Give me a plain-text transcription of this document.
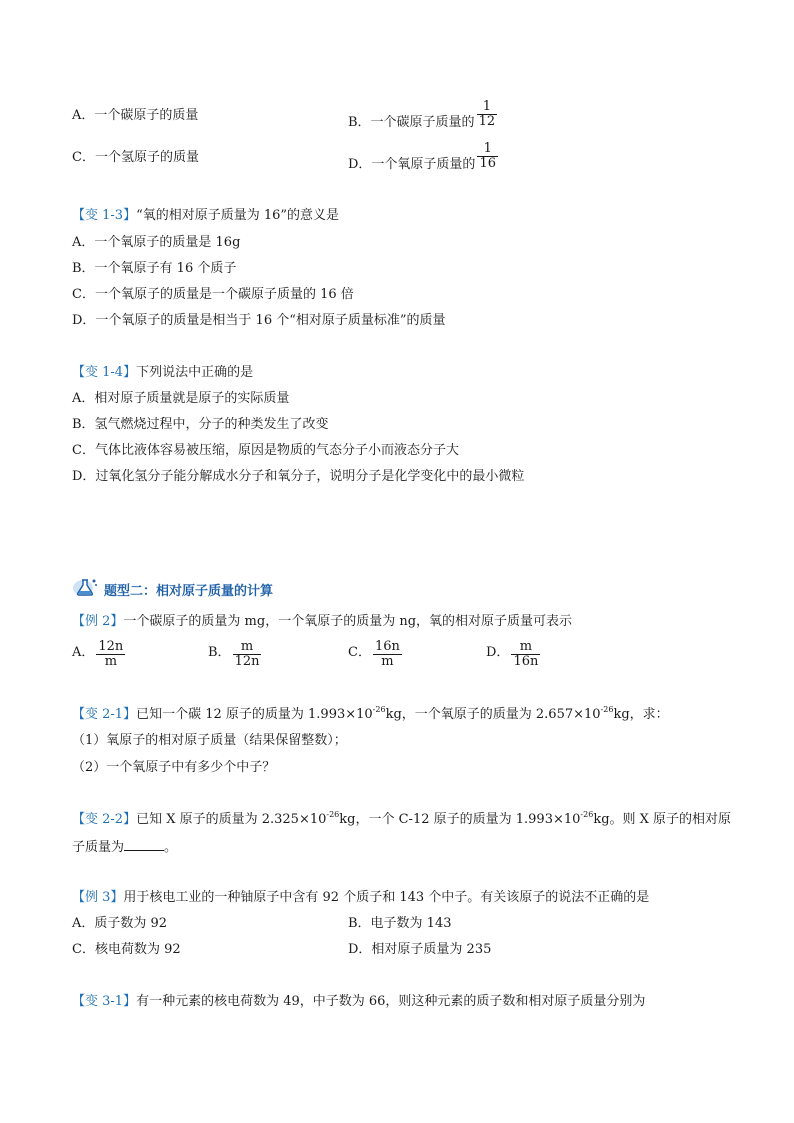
A．一个碳原子的质量	B．一个碳原子质量的 $\frac{1}{12}$
C．一个氢原子的质量	D．一个氧原子质量的 $\frac{1}{16}$
【变 1-3】“氧的相对原子质量为 16”的意义是
A．一个氧原子的质量是 16g
B．一个氧原子有 16 个质子
C．一个氧原子的质量是一个碳原子质量的 16 倍
D．一个氧原子的质量是相当于 16 个“相对原子质量标准”的质量
【变 1-4】下列说法中正确的是
A．相对原子质量就是原子的实际质量
B．氢气燃烧过程中，分子的种类发生了改变
C．气体比液体容易被压缩，原因是物质的气态分子小而液态分子大
D．过氧化氢分子能分解成水分子和氧分子，说明分子是化学变化中的最小微粒
题型二：相对原子质量的计算
【例 2】一个碳原子的质量为 mg，一个氧原子的质量为 ng，氧的相对原子质量可表示
A． $\frac{12n}{m}$	B． $\frac{m}{12n}$	C． $\frac{16n}{m}$	D． $\frac{m}{16n}$
【变 2-1】已知一个碳 12 原子的质量为 $1.993\times 10^{-26}kg$，一个氧原子的质量为 $2.657\times 10^{-26}kg$，求：
（1）氧原子的相对原子质量（结果保留整数）；
（2）一个氧原子中有多少个中子？
【变 2-2】已知 X 原子的质量为 $2.325\times 10^{-26}kg$，一个 C-12 原子的质量为 $1.993\times 10^{-26}kg$。则 X 原子的相对原
子质量为	。
【例 3】用于核电工业的一种铀原子中含有 92 个质子和 143 个中子。有关该原子的说法不正确的是
A．质子数为 92	B．电子数为 143
C．核电荷数为 92	D．相对原子质量为 235
【变 3-1】有一种元素的核电荷数为 49，中子数为 66，则这种元素的质子数和相对原子质量分别为
